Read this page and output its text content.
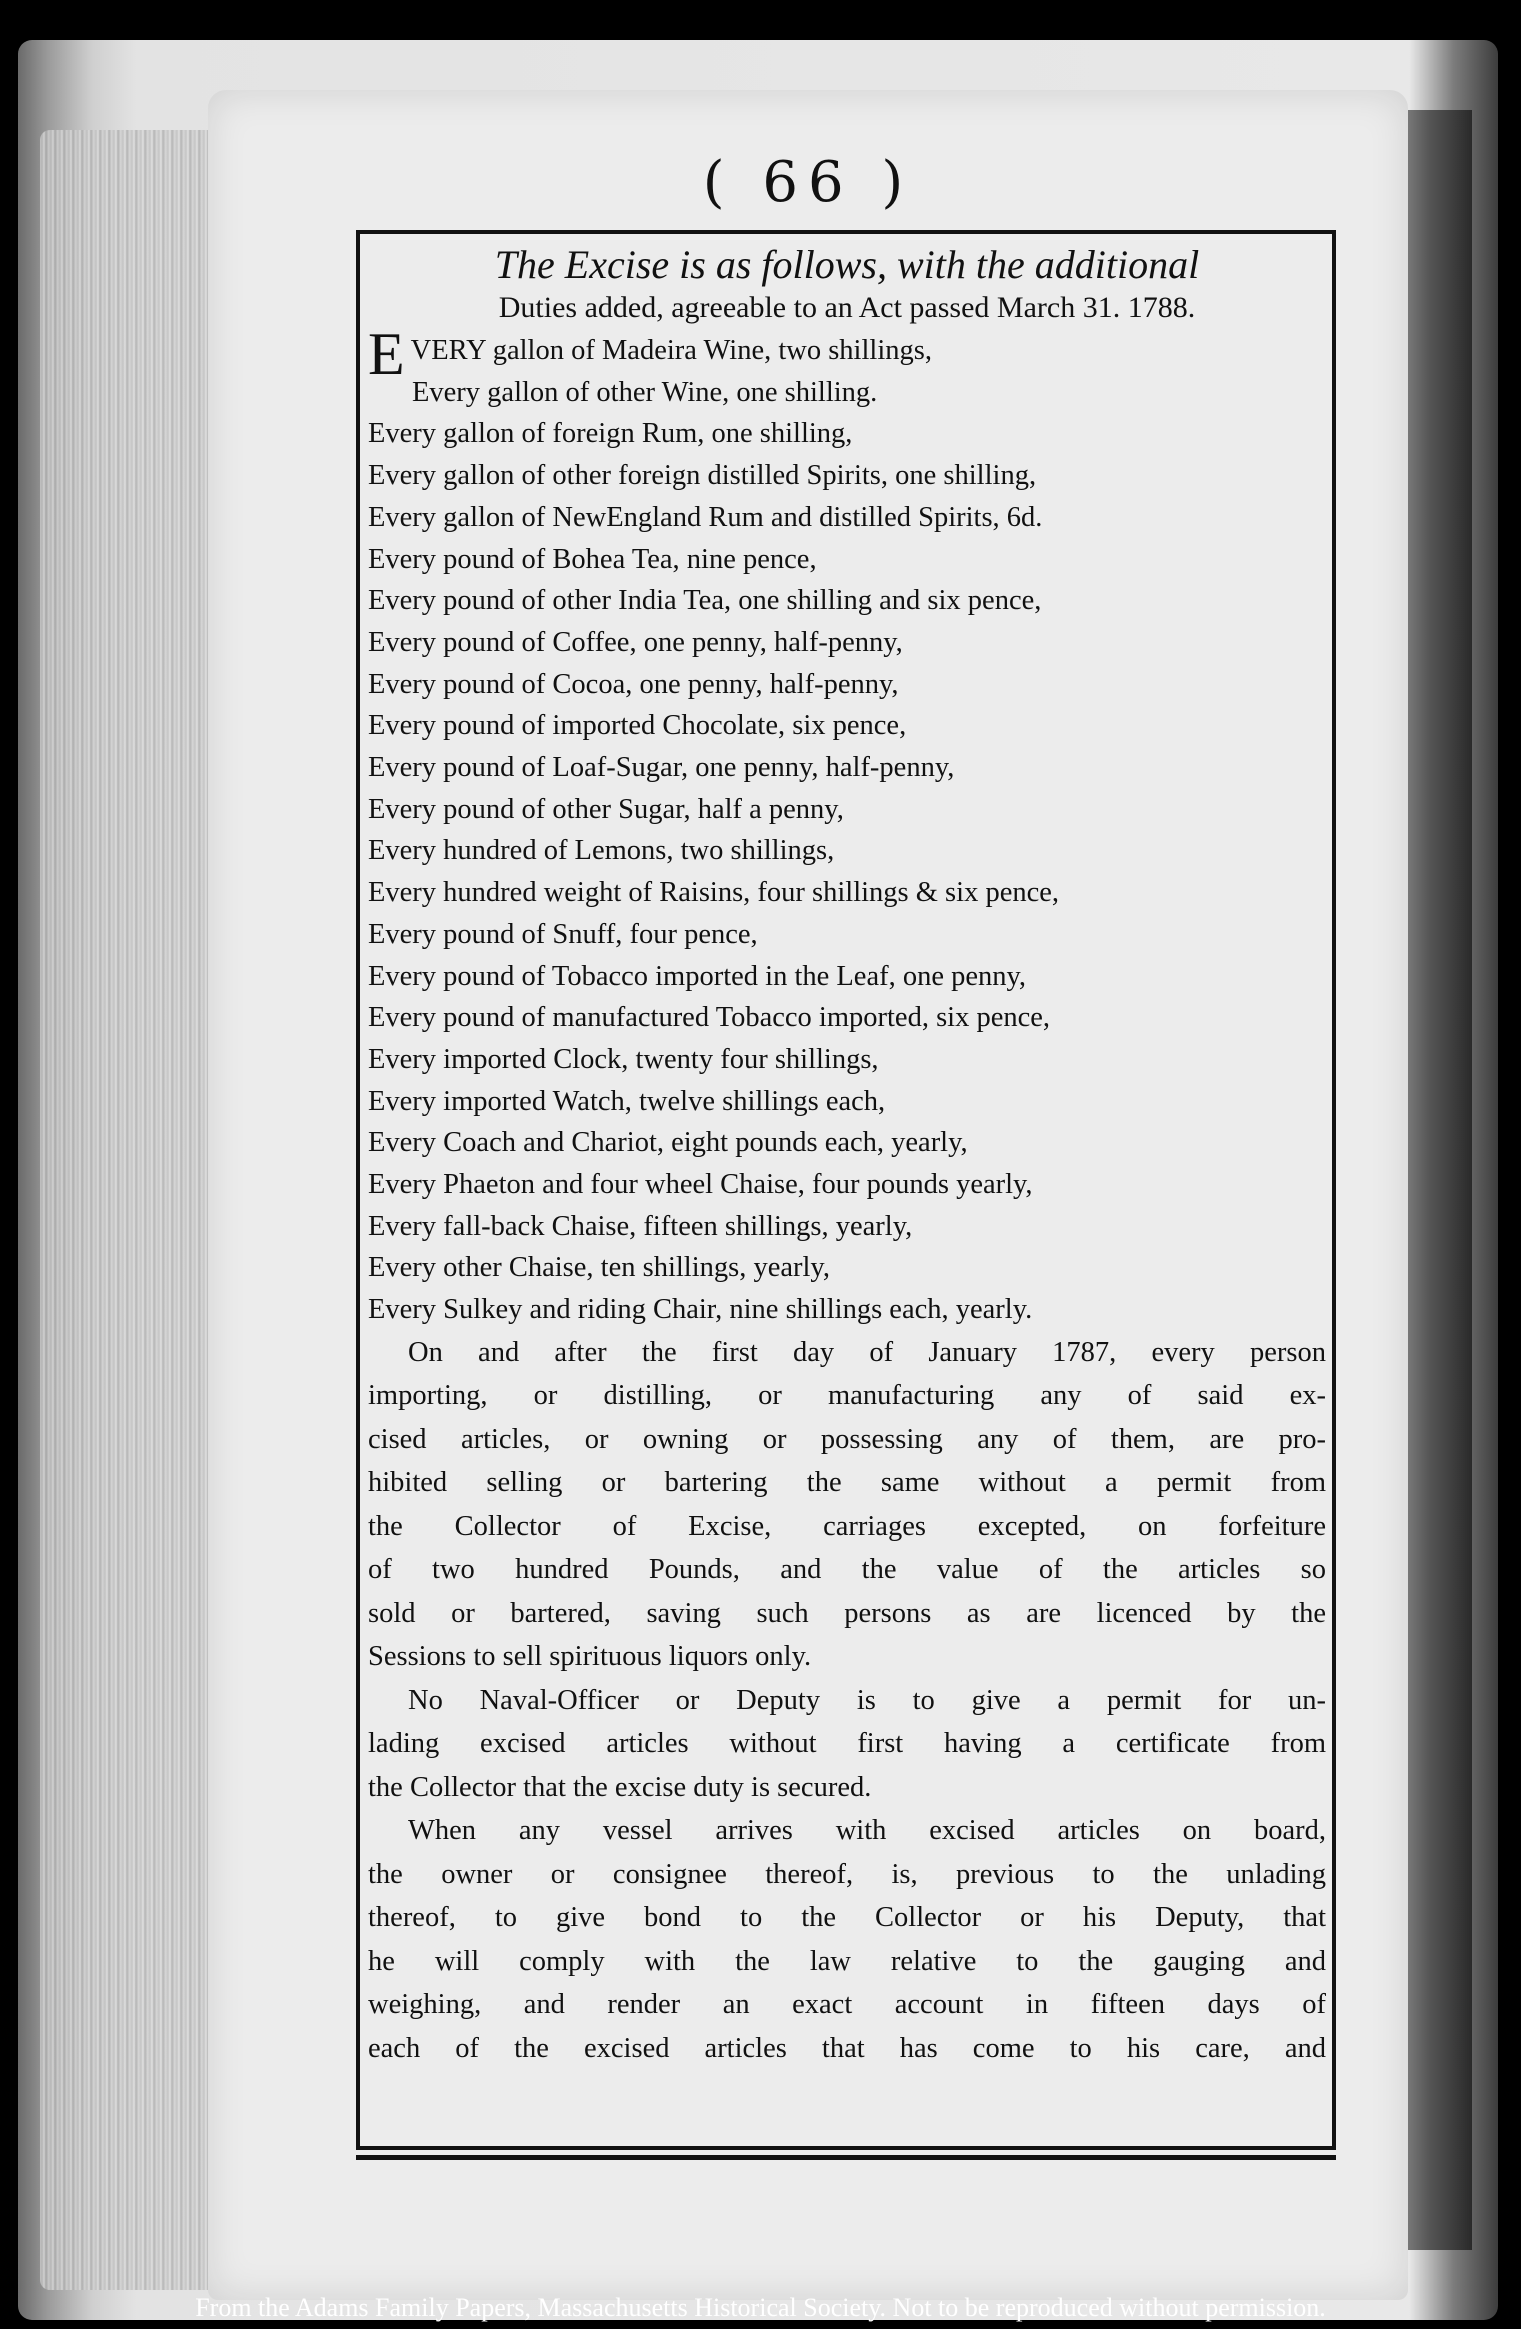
( 66 )

The Excise is as follows, with the additional

Duties added, agreeable to an Act passed March 31. 1788.

EVERY gallon of Madeira Wine, two shillings,

Every gallon of other Wine, one shilling.

Every gallon of foreign Rum, one shilling,

Every gallon of other foreign distilled Spirits, one shilling,

Every gallon of NewEngland Rum and distilled Spirits, 6d.

Every pound of Bohea Tea, nine pence,

Every pound of other India Tea, one shilling and six pence,

Every pound of Coffee, one penny, half-penny,

Every pound of Cocoa, one penny, half-penny,

Every pound of imported Chocolate, six pence,

Every pound of Loaf-Sugar, one penny, half-penny,

Every pound of other Sugar, half a penny,

Every hundred of Lemons, two shillings,

Every hundred weight of Raisins, four shillings & six pence,

Every pound of Snuff, four pence,

Every pound of Tobacco imported in the Leaf, one penny,

Every pound of manufactured Tobacco imported, six pence,

Every imported Clock, twenty four shillings,

Every imported Watch, twelve shillings each,

Every Coach and Chariot, eight pounds each, yearly,

Every Phaeton and four wheel Chaise, four pounds yearly,

Every fall-back Chaise, fifteen shillings, yearly,

Every other Chaise, ten shillings, yearly,

Every Sulkey and riding Chair, nine shillings each, yearly.

On and after the first day of January 1787, every person
importing, or distilling, or manufacturing any of said ex-
cised articles, or owning or possessing any of them, are pro-
hibited selling or bartering the same without a permit from
the Collector of Excise, carriages excepted, on forfeiture
of two hundred Pounds, and the value of the articles so
sold or bartered, saving such persons as are licenced by the
Sessions to sell spirituous liquors only.
No Naval-Officer or Deputy is to give a permit for un-
lading excised articles without first having a certificate from
the Collector that the excise duty is secured.
When any vessel arrives with excised articles on board,
the owner or consignee thereof, is, previous to the unlading
thereof, to give bond to the Collector or his Deputy, that
he will comply with the law relative to the gauging and
weighing, and render an exact account in fifteen days of
each of the excised articles that has come to his care, and
From the Adams Family Papers, Massachusetts Historical Society. Not to be reproduced without permission.
